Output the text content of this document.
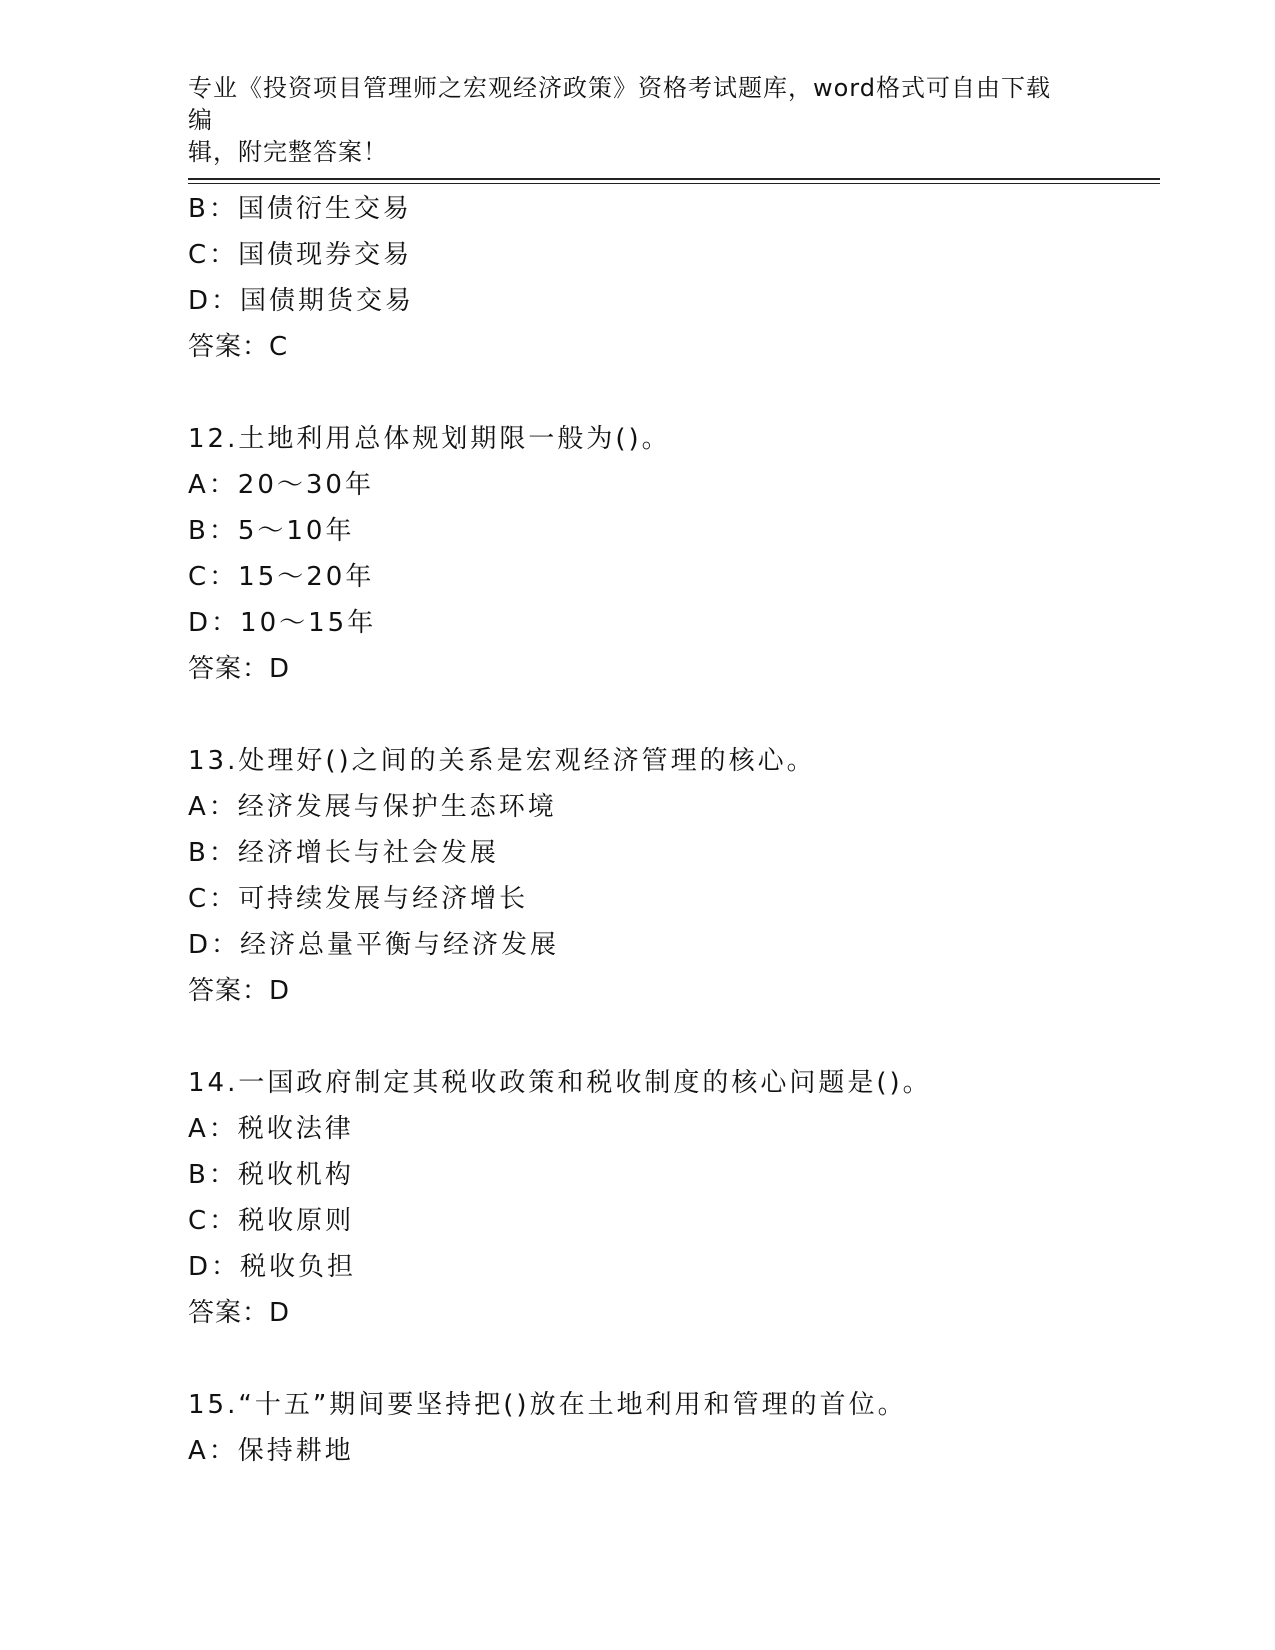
专业《投资项目管理师之宏观经济政策》资格考试题库，word格式可自由下载编
辑，附完整答案！
B：国债衍生交易
C：国债现券交易
D：国债期货交易
答案：C
12.土地利用总体规划期限一般为()。
A：20～30年
B：5～10年
C：15～20年
D：10～15年
答案：D
13.处理好()之间的关系是宏观经济管理的核心。
A：经济发展与保护生态环境
B：经济增长与社会发展
C：可持续发展与经济增长
D：经济总量平衡与经济发展
答案：D
14.一国政府制定其税收政策和税收制度的核心问题是()。
A：税收法律
B：税收机构
C：税收原则
D：税收负担
答案：D
15.“十五”期间要坚持把()放在土地利用和管理的首位。
A：保持耕地
